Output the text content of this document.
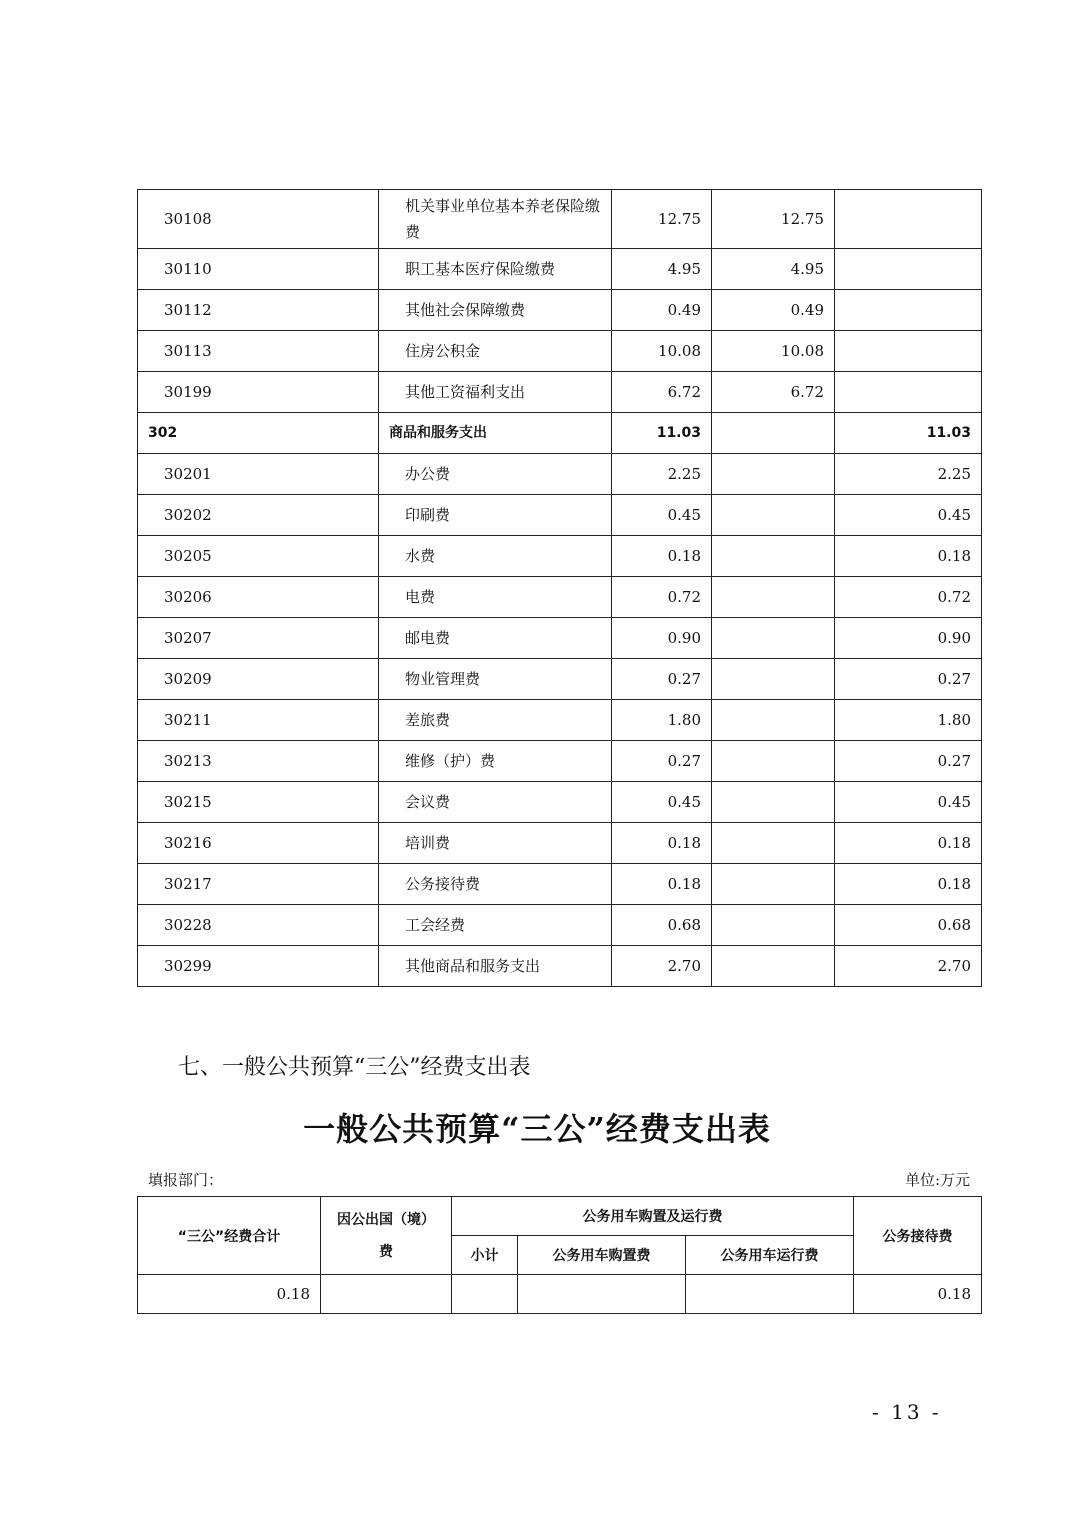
30108	机关事业单位基本养老保险缴费	12.75	12.75	
30110	职工基本医疗保险缴费	4.95	4.95	
30112	其他社会保障缴费	0.49	0.49	
30113	住房公积金	10.08	10.08	
30199	其他工资福利支出	6.72	6.72	
302	商品和服务支出	11.03		11.03
30201	办公费	2.25		2.25
30202	印刷费	0.45		0.45
30205	水费	0.18		0.18
30206	电费	0.72		0.72
30207	邮电费	0.90		0.90
30209	物业管理费	0.27		0.27
30211	差旅费	1.80		1.80
30213	维修（护）费	0.27		0.27
30215	会议费	0.45		0.45
30216	培训费	0.18		0.18
30217	公务接待费	0.18		0.18
30228	工会经费	0.68		0.68
30299	其他商品和服务支出	2.70		2.70
七、一般公共预算“三公”经费支出表
一般公共预算“三公”经费支出表
填报部门：	单位:万元
“三公”经费合计	因公出国（境）费	公务用车购置及运行费			公务接待费
		小计	公务用车购置费	公务用车运行费	
0.18					0.18
- 13 -
